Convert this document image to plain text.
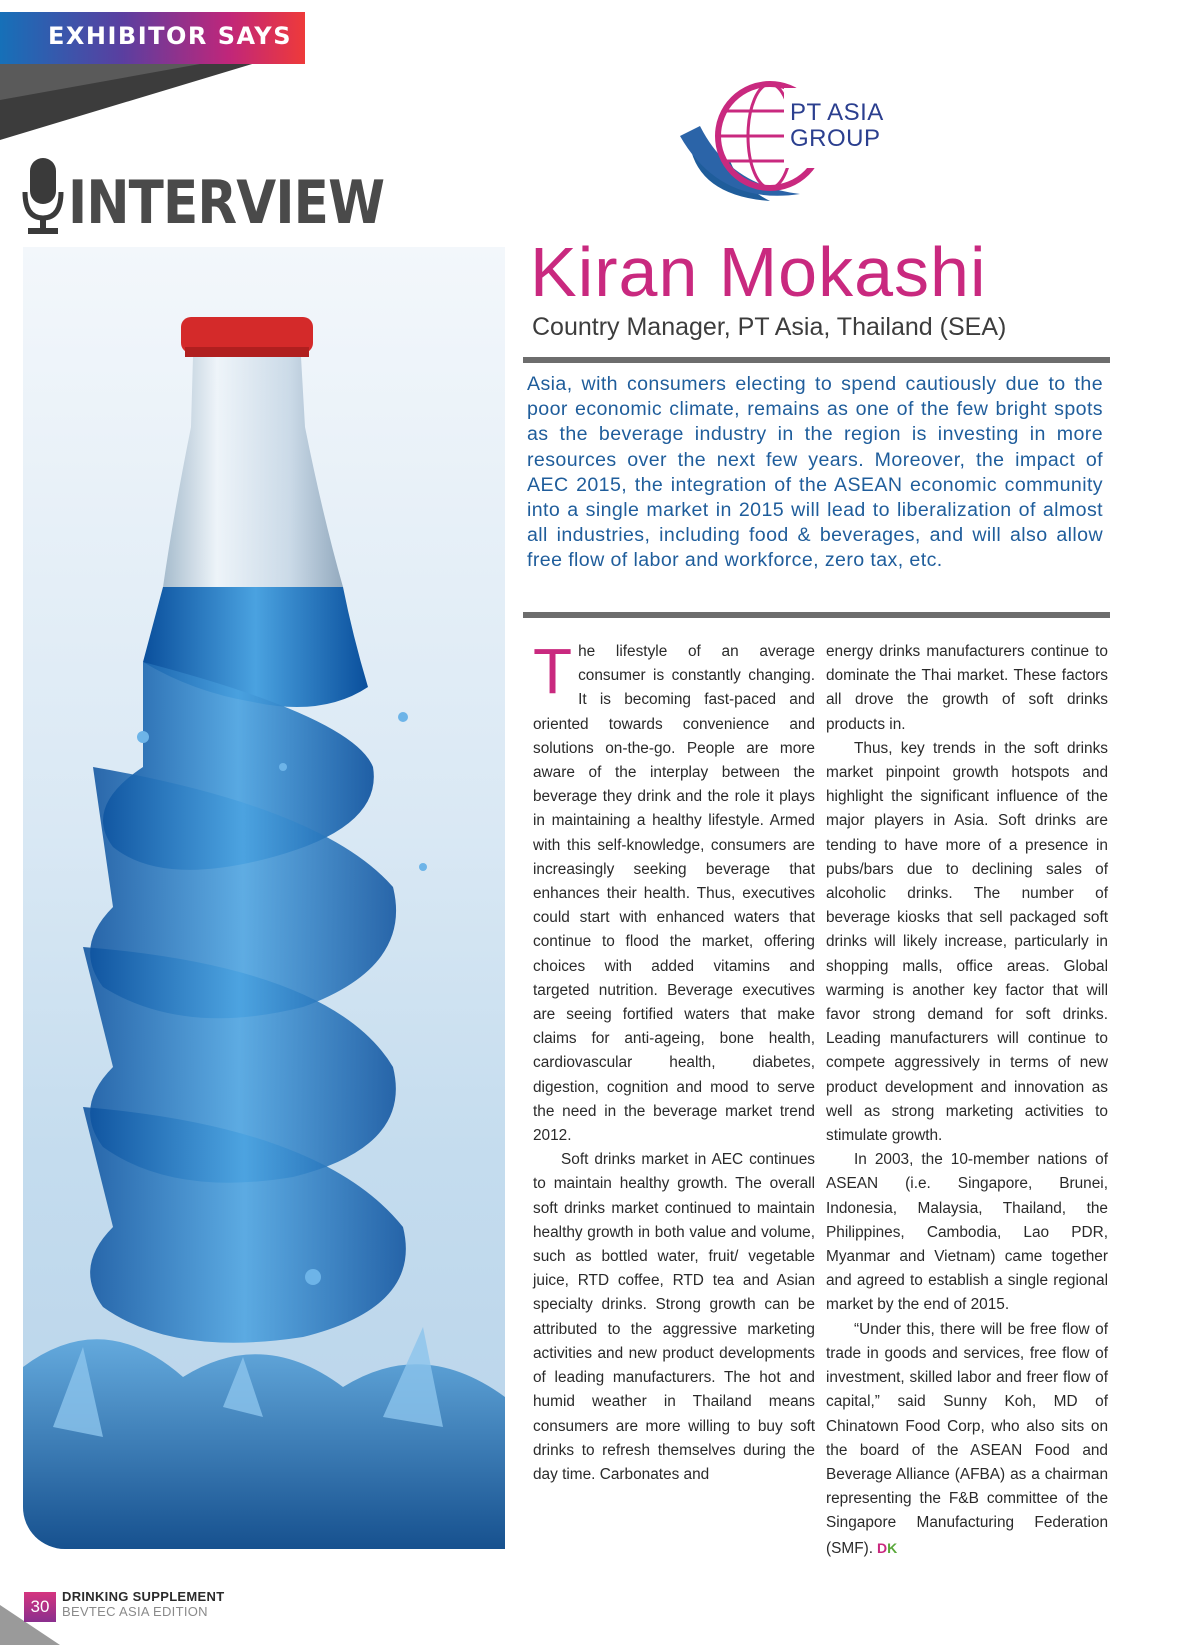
EXHIBITOR SAYS
INTERVIEW
PT ASIA
GROUP
Kiran Mokashi
Country Manager, PT Asia, Thailand (SEA)
Asia, with consumers electing to spend cautiously due to the poor economic climate, remains as one of the few bright spots as the beverage industry in the region is investing in more resources over the next few years. Moreover, the impact of AEC 2015, the integration of the ASEAN economic community into a single market in 2015 will lead to liberalization of almost all industries, including food & beverages, and will also allow free flow of labor and workforce, zero tax, etc.

The lifestyle of an average consumer is constantly changing. It is becoming fast-paced and oriented towards convenience and solutions on-the-go. People are more aware of the interplay between the beverage they drink and the role it plays in maintaining a healthy lifestyle. Armed with this self-knowledge, consumers are increasingly seeking beverage that enhances their health. Thus, executives could start with enhanced waters that continue to flood the market, offering choices with added vitamins and targeted nutrition. Beverage executives are seeing fortified waters that make claims for anti-ageing, bone health, cardiovascular health, diabetes, digestion, cognition and mood to serve the need in the beverage market trend 2012.

Soft drinks market in AEC continues to maintain healthy growth. The overall soft drinks market continued to maintain healthy growth in both value and volume, such as bottled water, fruit/ vegetable juice, RTD coffee, RTD tea and Asian specialty drinks. Strong growth can be attributed to the aggressive marketing activities and new product developments of leading manufacturers. The hot and humid weather in Thailand means consumers are more willing to buy soft drinks to refresh themselves during the day time. Carbonates and

energy drinks manufacturers continue to dominate the Thai market. These factors all drove the growth of soft drinks products in.

Thus, key trends in the soft drinks market pinpoint growth hotspots and highlight the significant influence of the major players in Asia. Soft drinks are tending to have more of a presence in pubs/bars due to declining sales of alcoholic drinks. The number of beverage kiosks that sell packaged soft drinks will likely increase, particularly in shopping malls, office areas. Global warming is another key factor that will favor strong demand for soft drinks. Leading manufacturers will continue to compete aggressively in terms of new product development and innovation as well as strong marketing activities to stimulate growth.

In 2003, the 10-member nations of ASEAN (i.e. Singapore, Brunei, Indonesia, Malaysia, Thailand, the Philippines, Cambodia, Lao PDR, Myanmar and Vietnam) came together and agreed to establish a single regional market by the end of 2015.

“Under this, there will be free flow of trade in goods and services, free flow of investment, skilled labor and freer flow of capital,” said Sunny Koh, MD of Chinatown Food Corp, who also sits on the board of the ASEAN Food and Beverage Alliance (AFBA) as a chairman representing the F&B committee of the Singapore Manufacturing Federation (SMF). DK

30
DRINKING SUPPLEMENT
BEVTEC ASIA EDITION
